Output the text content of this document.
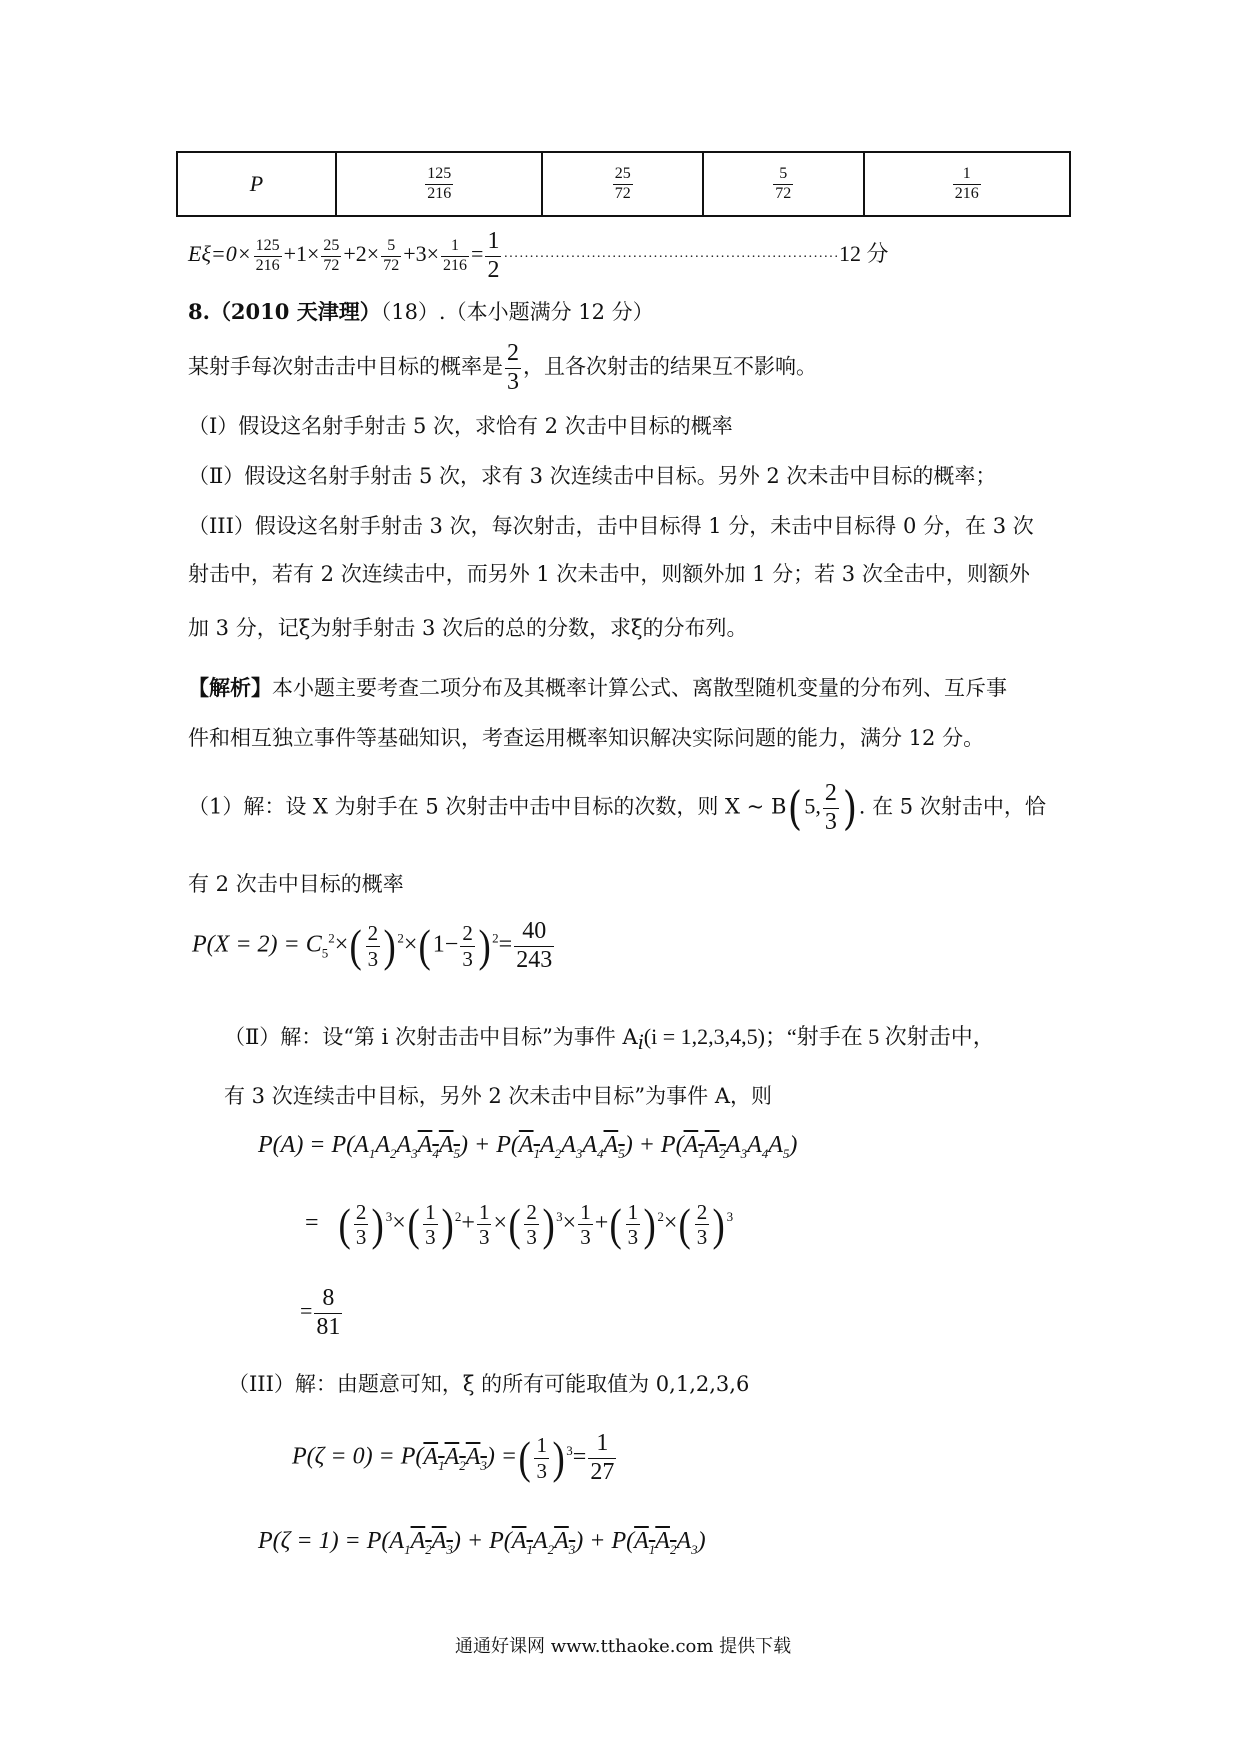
P	$\frac{125}{216}$	$\frac{25}{72}$	$\frac{5}{72}$	$\frac{1}{216}$
$E\xi=0\times \frac{125}{216} +1\times \frac{25}{72} +2\times \frac{5}{72} +3\times \frac{1}{216} = \frac{1}{2} \cdot\cdot\cdot\cdot\cdot\cdot\cdot\cdot\cdot\cdot\cdot\cdot\cdot\cdot\cdot\cdot\cdot\cdot\cdot\cdot\cdot\cdot\cdot\cdot\cdot\cdot\cdot\cdot\cdot\cdot\cdot\cdot\cdot\cdot\cdot\cdot\cdot\cdot\cdot\cdot\cdot\cdot\cdot\cdot\cdot\cdot\cdot\cdot\cdot\cdot\cdot\cdot\cdot\cdot\cdot\cdot\cdot\cdot\cdot\cdot\cdot\cdot\cdot\cdot\cdot 12$ 分
8.（2010 天津理）（18）.（本小题满分 12 分）
某射手每次射击击中目标的概率是 $\frac{2}{3}$ ，且各次射击的结果互不影响。
（Ⅰ）假设这名射手射击 5 次，求恰有 2 次击中目标的概率
（Ⅱ）假设这名射手射击 5 次，求有 3 次连续击中目标。另外 2 次未击中目标的概率；
（III）假设这名射手射击 3 次，每次射击，击中目标得 1 分，未击中目标得 0 分，在 3 次
射击中，若有 2 次连续击中，而另外 1 次未击中，则额外加 1 分；若 3 次全击中，则额外
加 3 分，记ξ为射手射击 3 次后的总的分数，求ξ的分布列。
【解析】本小题主要考查二项分布及其概率计算公式、离散型随机变量的分布列、互斥事
件和相互独立事件等基础知识，考查运用概率知识解决实际问题的能力，满分 12 分。
（1）解：设 X 为射手在 5 次射击中击中目标的次数，则 X ~ B(5, $\frac{2}{3}$ ). 在 5 次射击中，恰
有 2 次击中目标的概率
$P(X = 2) = C_5^2\times( \frac{2}{3}$ ) $^2\times(1- \frac{2}{3}$ ) $^2= \frac{40}{243}$
（Ⅱ）解：设“第 i 次射击击中目标”为事件 $A_i(i = 1,2,3,4,5)$；“射手在 5 次射击中，
有 3 次连续击中目标，另外 2 次未击中目标”为事件 A，则
$P(A) = P(A_1A_2A_3A_4A_5) + P(A_1A_2A_3A_4A_5) + P(A_1A_2A_3A_4A_5)$
= ( $\frac{2}{3}$ ) $^3\times( \frac{1}{3}$ ) $^2+ \frac{1}{3}$ ×( $\frac{2}{3}$ ) $^3\times \frac{1}{3}$ +( $\frac{1}{3}$ ) $^2\times( \frac{2}{3}$ ) $^3$
= $\frac{8}{81}$
（III）解：由题意可知，ξ 的所有可能取值为 0,1,2,3,6
$P(\zeta = 0) = P(A_1A_2A_3)$ =( $\frac{1}{3}$ ) $^3= \frac{1}{27}$
$P(\zeta = 1) = P(A_1A_2A_3) + P(A_1A_2A_3) + P(A_1A_2A_3)$
通通好课网 www.tthaoke.com 提供下载
